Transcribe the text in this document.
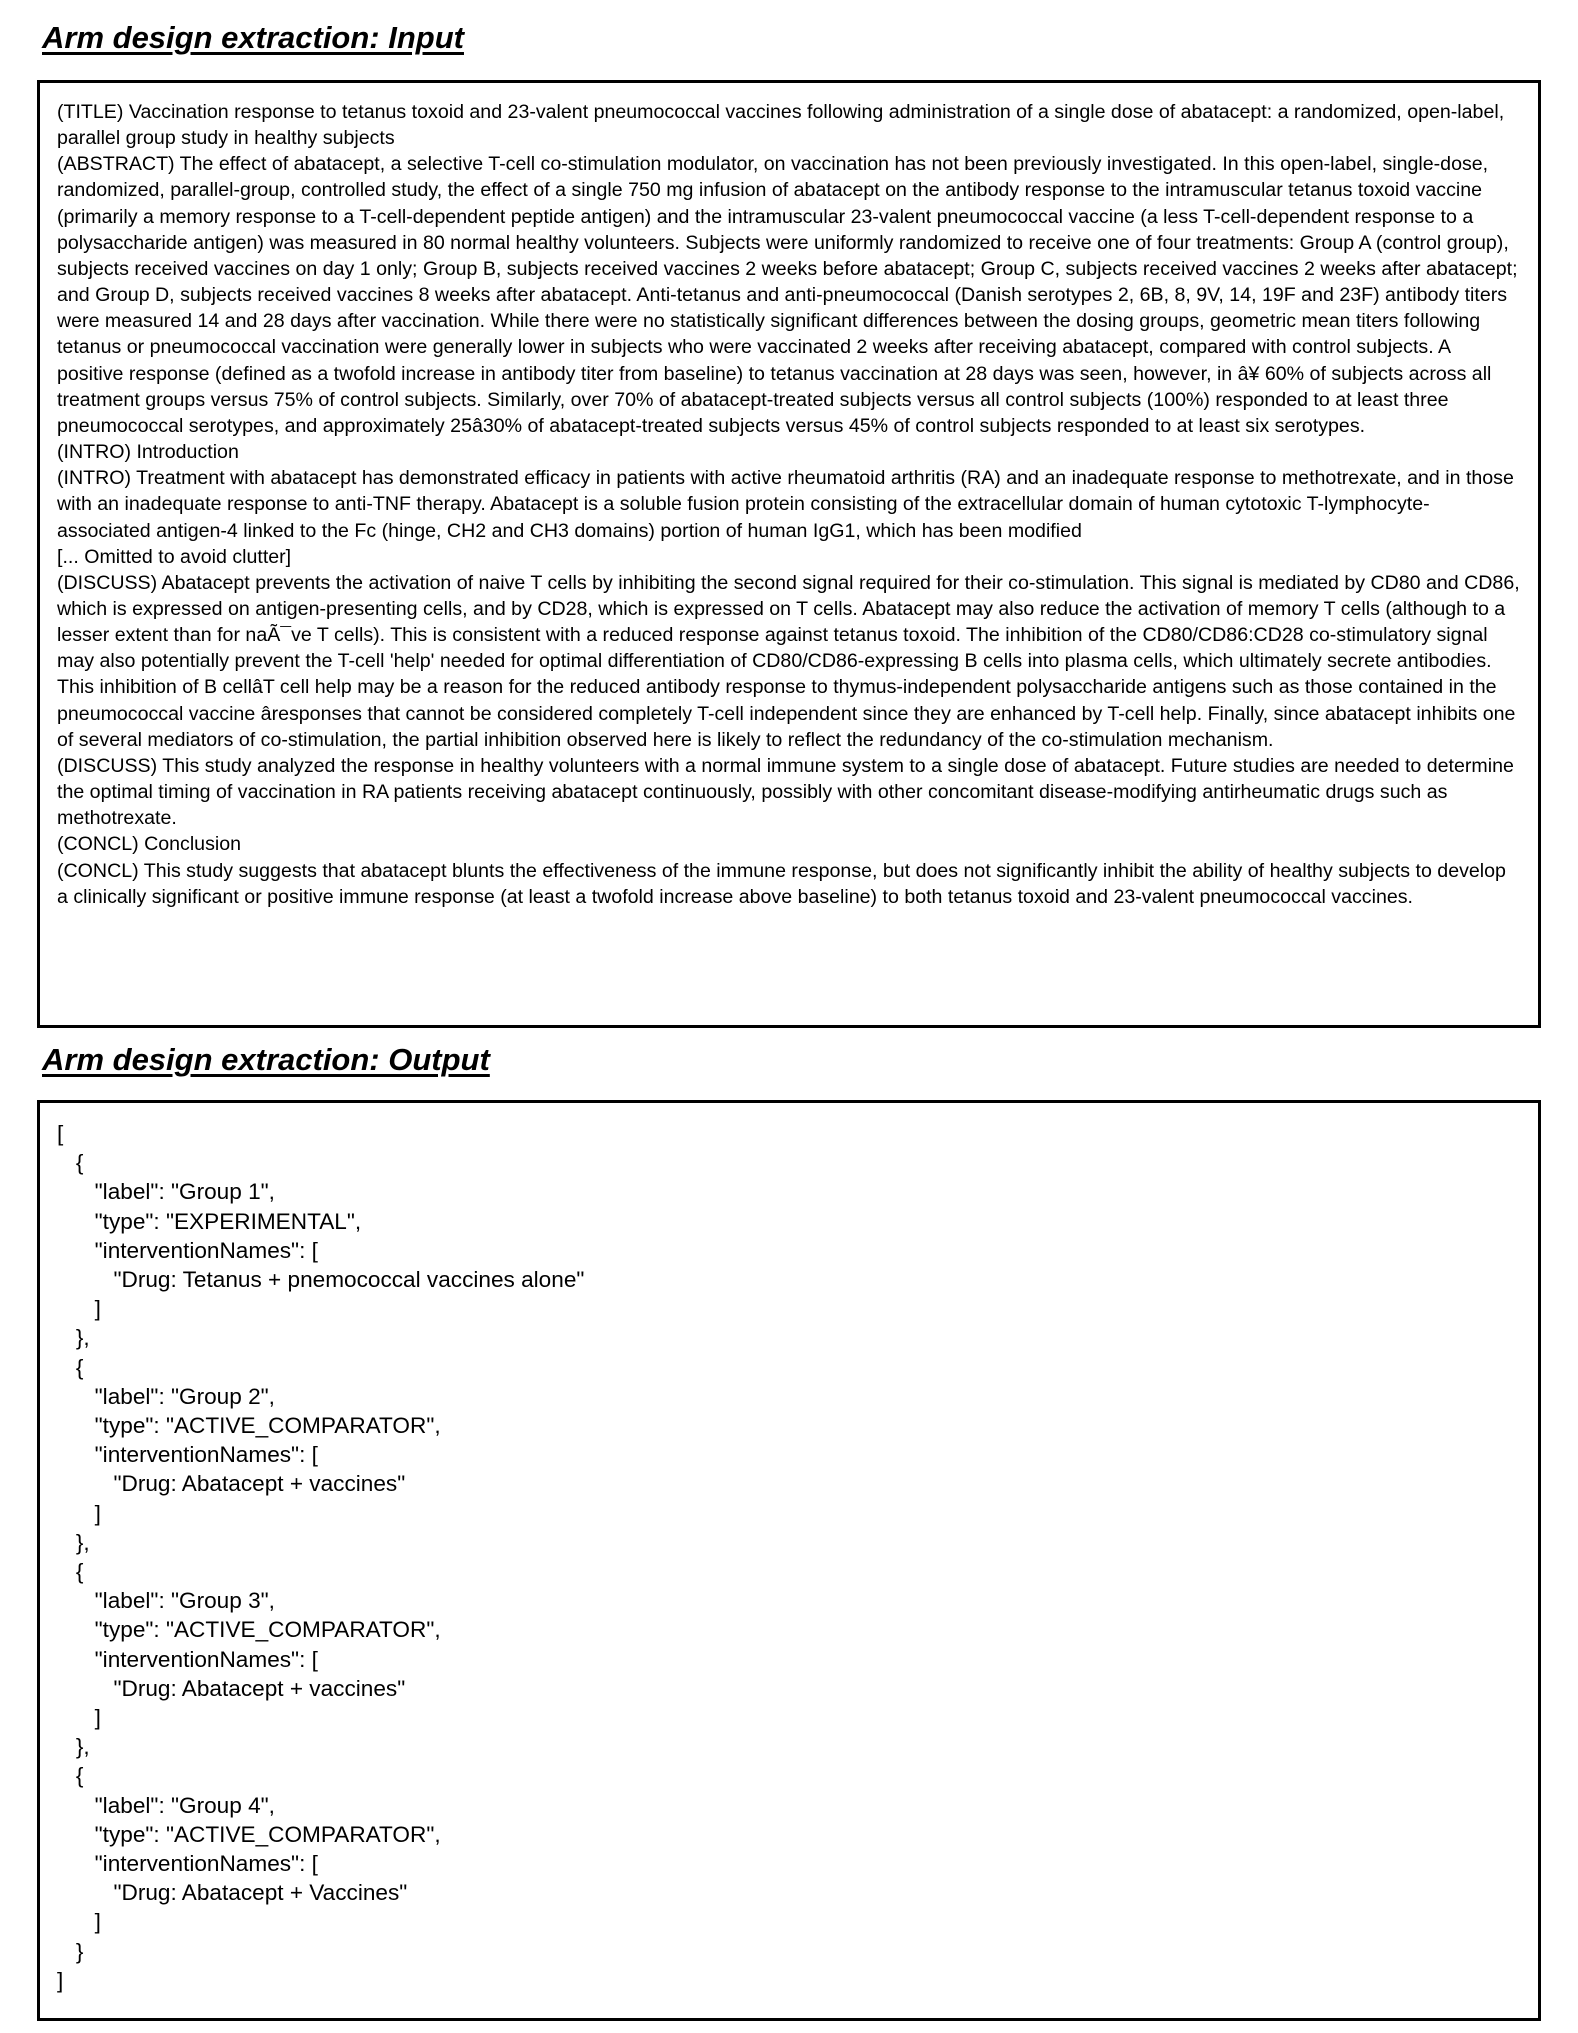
Arm design extraction: Input

(TITLE) Vaccination response to tetanus toxoid and 23-valent pneumococcal vaccines following administration of a single dose of abatacept: a randomized, open-label, parallel group study in healthy subjects

(ABSTRACT) The effect of abatacept, a selective T-cell co-stimulation modulator, on vaccination has not been previously investigated. In this open-label, single-dose, randomized, parallel-group, controlled study, the effect of a single 750 mg infusion of abatacept on the antibody response to the intramuscular tetanus toxoid vaccine (primarily a memory response to a T-cell-dependent peptide antigen) and the intramuscular 23-valent pneumococcal vaccine (a less T-cell-dependent response to a polysaccharide antigen) was measured in 80 normal healthy volunteers. Subjects were uniformly randomized to receive one of four treatments: Group A (control group), subjects received vaccines on day 1 only; Group B, subjects received vaccines 2 weeks before abatacept; Group C, subjects received vaccines 2 weeks after abatacept; and Group D, subjects received vaccines 8 weeks after abatacept. Anti-tetanus and anti-pneumococcal (Danish serotypes 2, 6B, 8, 9V, 14, 19F and 23F) antibody titers were measured 14 and 28 days after vaccination. While there were no statistically significant differences between the dosing groups, geometric mean titers following tetanus or pneumococcal vaccination were generally lower in subjects who were vaccinated 2 weeks after receiving abatacept, compared with control subjects. A positive response (defined as a twofold increase in antibody titer from baseline) to tetanus vaccination at 28 days was seen, however, in â¥ 60% of subjects across all treatment groups versus 75% of control subjects. Similarly, over 70% of abatacept-treated subjects versus all control subjects (100%) responded to at least three pneumococcal serotypes, and approximately 25â30% of abatacept-treated subjects versus 45% of control subjects responded to at least six serotypes.

(INTRO) Introduction

(INTRO) Treatment with abatacept has demonstrated efficacy in patients with active rheumatoid arthritis (RA) and an inadequate response to methotrexate, and in those with an inadequate response to anti-TNF therapy. Abatacept is a soluble fusion protein consisting of the extracellular domain of human cytotoxic T-lymphocyte-associated antigen-4 linked to the Fc (hinge, CH2 and CH3 domains) portion of human IgG1, which has been modified

[... Omitted to avoid clutter]

(DISCUSS) Abatacept prevents the activation of naive T cells by inhibiting the second signal required for their co-stimulation. This signal is mediated by CD80 and CD86, which is expressed on antigen-presenting cells, and by CD28, which is expressed on T cells. Abatacept may also reduce the activation of memory T cells (although to a lesser extent than for naÃ¯ve T cells). This is consistent with a reduced response against tetanus toxoid. The inhibition of the CD80/CD86:CD28 co-stimulatory signal may also potentially prevent the T-cell 'help' needed for optimal differentiation of CD80/CD86-expressing B cells into plasma cells, which ultimately secrete antibodies. This inhibition of B cellâT cell help may be a reason for the reduced antibody response to thymus-independent polysaccharide antigens such as those contained in the pneumococcal vaccine âresponses that cannot be considered completely T-cell independent since they are enhanced by T-cell help. Finally, since abatacept inhibits one of several mediators of co-stimulation, the partial inhibition observed here is likely to reflect the redundancy of the co-stimulation mechanism.

(DISCUSS) This study analyzed the response in healthy volunteers with a normal immune system to a single dose of abatacept. Future studies are needed to determine the optimal timing of vaccination in RA patients receiving abatacept continuously, possibly with other concomitant disease-modifying antirheumatic drugs such as methotrexate.

(CONCL) Conclusion

(CONCL) This study suggests that abatacept blunts the effectiveness of the immune response, but does not significantly inhibit the ability of healthy subjects to develop a clinically significant or positive immune response (at least a twofold increase above baseline) to both tetanus toxoid and 23-valent pneumococcal vaccines.

Arm design extraction: Output
[
{
"label": "Group 1",
"type": "EXPERIMENTAL",
"interventionNames": [
"Drug: Tetanus + pnemococcal vaccines alone"
]
},
{
"label": "Group 2",
"type": "ACTIVE_COMPARATOR",
"interventionNames": [
"Drug: Abatacept + vaccines"
]
},
{
"label": "Group 3",
"type": "ACTIVE_COMPARATOR",
"interventionNames": [
"Drug: Abatacept + vaccines"
]
},
{
"label": "Group 4",
"type": "ACTIVE_COMPARATOR",
"interventionNames": [
"Drug: Abatacept + Vaccines"
]
}
]
